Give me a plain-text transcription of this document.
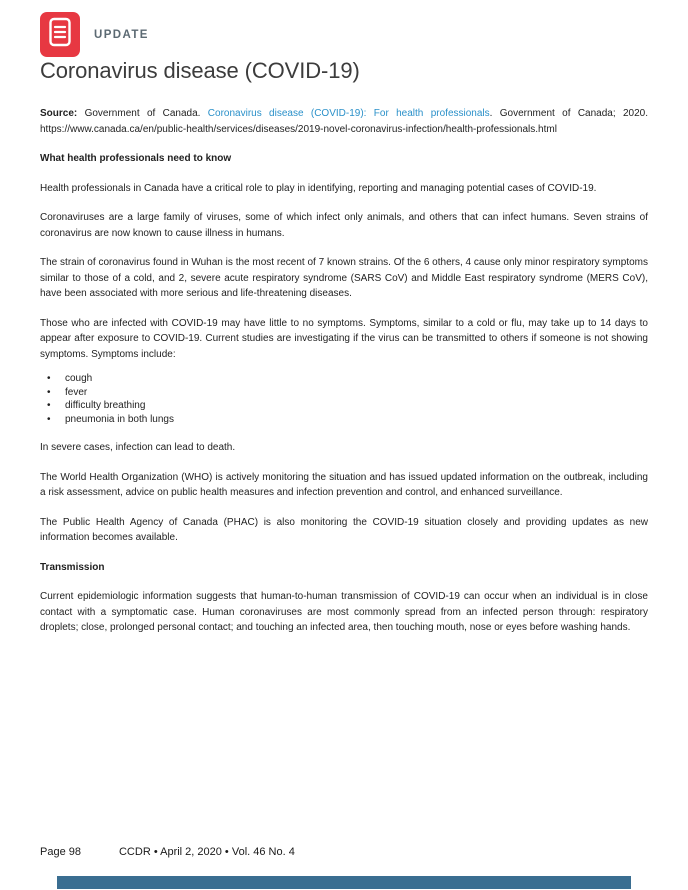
UPDATE
Coronavirus disease (COVID-19)

Source: Government of Canada. Coronavirus disease (COVID-19): For health professionals. Government of Canada; 2020. https://www.canada.ca/en/public-health/services/diseases/2019-novel-coronavirus-infection/health-professionals.html

What health professionals need to know

Health professionals in Canada have a critical role to play in identifying, reporting and managing potential cases of COVID-19.

Coronaviruses are a large family of viruses, some of which infect only animals, and others that can infect humans. Seven strains of coronavirus are now known to cause illness in humans.

The strain of coronavirus found in Wuhan is the most recent of 7 known strains. Of the 6 others, 4 cause only minor respiratory symptoms similar to those of a cold, and 2, severe acute respiratory syndrome (SARS CoV) and Middle East respiratory syndrome (MERS CoV), have been associated with more serious and life-threatening diseases.

Those who are infected with COVID-19 may have little to no symptoms. Symptoms, similar to a cold or flu, may take up to 14 days to appear after exposure to COVID-19. Current studies are investigating if the virus can be transmitted to others if someone is not showing symptoms. Symptoms include:

• cough
• fever
• difficulty breathing
• pneumonia in both lungs

In severe cases, infection can lead to death.

The World Health Organization (WHO) is actively monitoring the situation and has issued updated information on the outbreak, including a risk assessment, advice on public health measures and infection prevention and control, and enhanced surveillance.

The Public Health Agency of Canada (PHAC) is also monitoring the COVID-19 situation closely and providing updates as new information becomes available.

Transmission

Current epidemiologic information suggests that human-to-human transmission of COVID-19 can occur when an individual is in close contact with a symptomatic case. Human coronaviruses are most commonly spread from an infected person through: respiratory droplets; close, prolonged personal contact; and touching an infected area, then touching mouth, nose or eyes before washing hands.

Page 98	CCDR • April 2, 2020 • Vol. 46 No. 4
